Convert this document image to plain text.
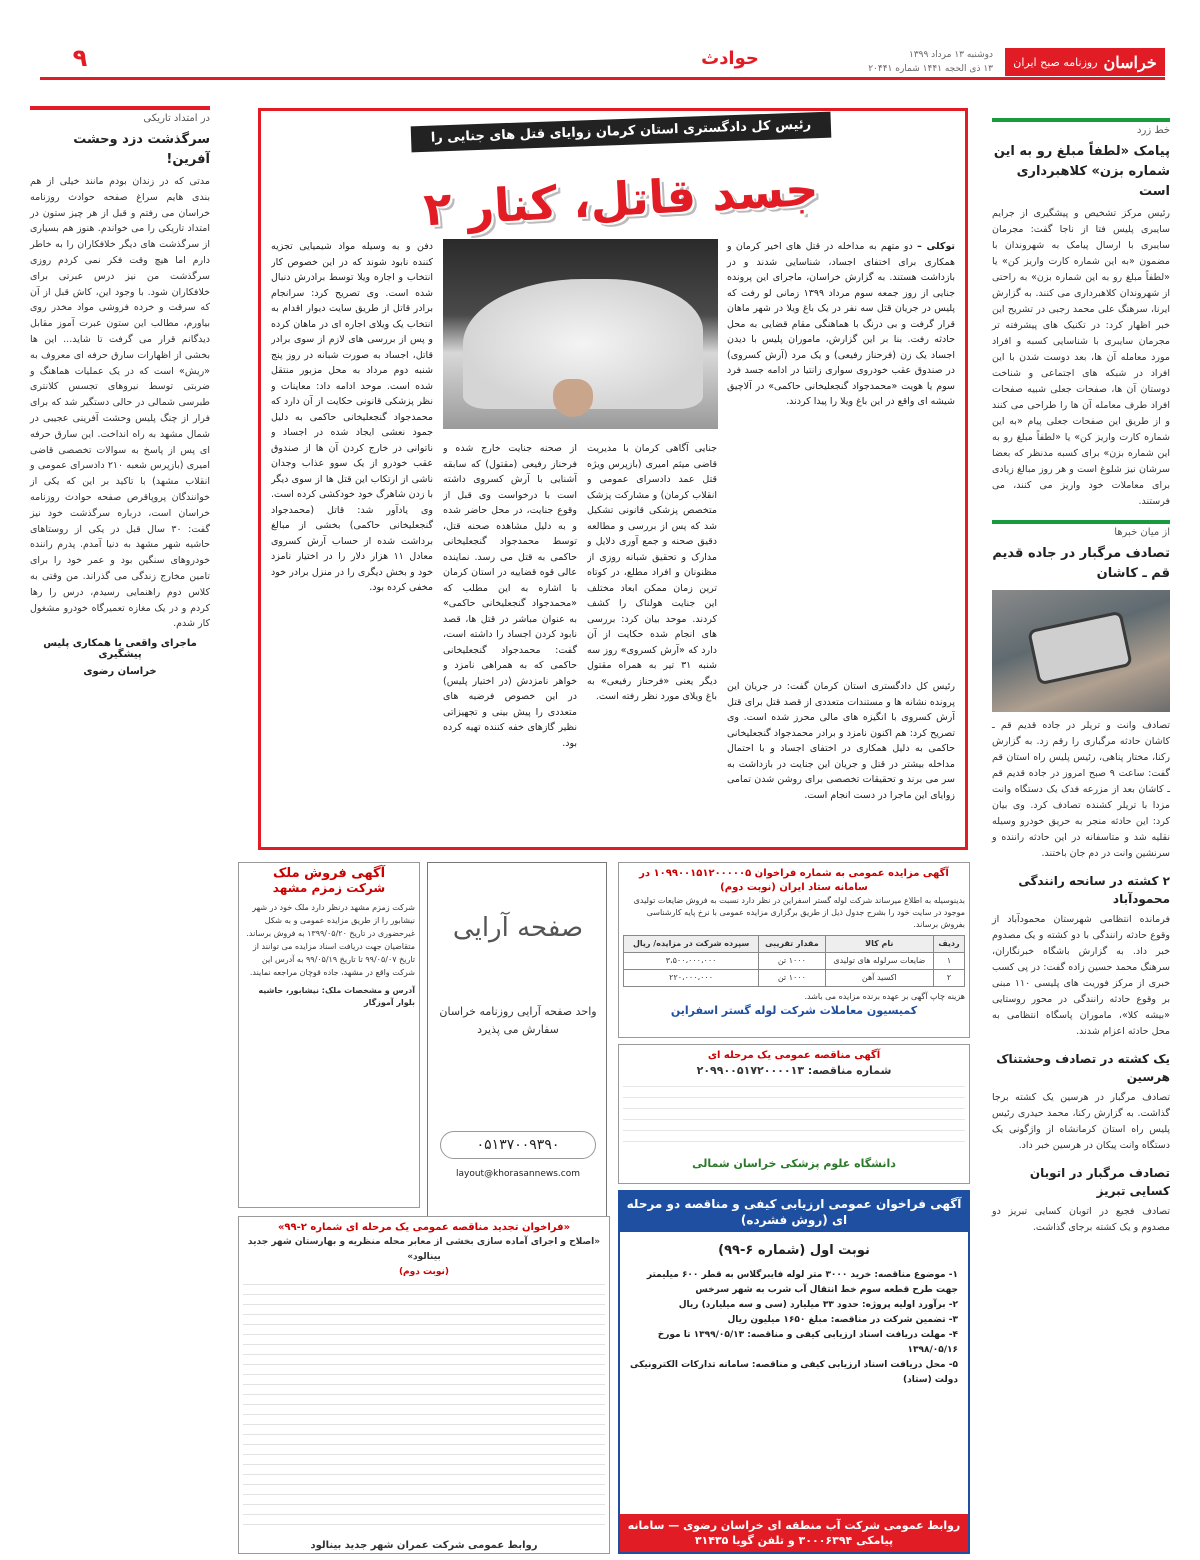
خراسان
روزنامه صبح ایران
دوشنبه ۱۳ مرداد ۱۳۹۹
۱۳ ذی الحجه ۱۴۴۱ شماره ۲۰۴۴۱
حوادث
۹
خط زرد
پیامک «لطفاً مبلغ رو به این شماره بزن» کلاهبرداری است
رئیس مرکز تشخیص و پیشگیری از جرایم سایبری پلیس فتا از ناجا گفت: مجرمان سایبری با ارسال پیامک به شهروندان با مضمون «به این شماره کارت واریز کن» یا «لطفاً مبلغ رو به این شماره بزن» به راحتی از شهروندان کلاهبرداری می کنند. به گزارش ایرنا، سرهنگ علی محمد رجبی در تشریح این خبر اظهار کرد: در تکنیک های پیشرفته تر مجرمان سایبری با شناسایی کسبه و افراد مورد معامله آن ها، بعد دوست شدن با این افراد در شبکه های اجتماعی و شناخت دوستان آن ها، صفحات جعلی شبیه صفحات افراد طرف معامله آن ها را طراحی می کنند و از طریق این صفحات جعلی پیام «به این شماره کارت واریز کن» یا «لطفاً مبلغ رو به این شماره بزن» برای کسبه مدنظر که بعضا سرشان نیز شلوغ است و هر روز مبالغ زیادی برای معاملات خود واریز می کنند، می فرستند.
از میان خبرها
تصادف مرگبار در جاده قدیم قم ـ کاشان
تصادف وانت و تریلر در جاده قدیم قم ـ کاشان حادثه مرگباری را رقم زد. به گزارش رکنا، مختار پناهی، رئیس پلیس راه استان قم گفت: ساعت ۹ صبح امروز در جاده قدیم قم ـ کاشان بعد از مزرعه فدک یک دستگاه وانت مزدا با تریلر کشنده تصادف کرد. وی بیان کرد: این حادثه منجر به حریق خودرو وسیله نقلیه شد و متاسفانه در این حادثه راننده و سرنشین وانت در دم جان باختند.
۲ کشته در سانحه رانندگی محمودآباد
فرمانده انتظامی شهرستان محمودآباد از وقوع حادثه رانندگی با دو کشته و یک مصدوم خبر داد. به گزارش باشگاه خبرنگاران، سرهنگ محمد حسین زاده گفت: در پی کسب خبری از مرکز فوریت های پلیسی ۱۱۰ مبنی بر وقوع حادثه رانندگی در محور روستایی «بیشه کلا»، ماموران پاسگاه انتظامی به محل حادثه اعزام شدند.
یک کشته در تصادف وحشتناک هرسین
تصادف مرگبار در هرسین یک کشته برجا گذاشت. به گزارش رکنا، محمد حیدری رئیس پلیس راه استان کرمانشاه از واژگونی یک دستگاه وانت پیکان در هرسین خبر داد.
تصادف مرگبار در اتوبان کسایی تبریز
تصادف فجیع در اتوبان کسایی تبریز دو مصدوم و یک کشته برجای گذاشت.
در امتداد تاریکی
سرگذشت دزد وحشت آفرین!
مدتی که در زندان بودم مانند خیلی از هم بندی هایم سراغ صفحه حوادث روزنامه خراسان می رفتم و قبل از هر چیز ستون در امتداد تاریکی را می خواندم. هنوز هم بسیاری از سرگذشت های دیگر خلافکاران را به خاطر دارم اما هیچ وقت فکر نمی کردم روزی سرگذشت من نیز درس عبرتی برای خلافکاران شود. با وجود این، کاش قبل از آن که سرقت و خرده فروشی مواد مخدر روی بیاورم، مطالب این ستون عبرت آموز مقابل دیدگانم قرار می گرفت تا شاید... این ها بخشی از اظهارات سارق حرفه ای معروف به «ریش» است که در یک عملیات هماهنگ و ضربتی توسط نیروهای تجسس کلانتری طبرسی شمالی در حالی دستگیر شد که برای فرار از چنگ پلیس وحشت آفرینی عجیبی در شمال مشهد به راه انداخت. این سارق حرفه ای پس از پاسخ به سوالات تخصصی قاضی امیری (بازپرس شعبه ۲۱۰ دادسرای عمومی و انقلاب مشهد) با تاکید بر این که یکی از خوانندگان پروپاقرص صفحه حوادث روزنامه خراسان است، درباره سرگذشت خود نیز گفت: ۳۰ سال قبل در یکی از روستاهای حاشیه شهر مشهد به دنیا آمدم. پدرم راننده خودروهای سنگین بود و عمر خود را برای تامین مخارج زندگی می گذراند. من وقتی به کلاس دوم راهنمایی رسیدم، درس را رها کردم و در یک مغازه تعمیرگاه خودرو مشغول کار شدم.
ماجرای واقعی با همکاری پلیس پیشگیری
خراسان رضوی
رئیس کل دادگستری استان کرمان زوایای قتل های جنایی را تشریح کرد
جسد قاتل، کنار ۲
توکلی – دو متهم به مداخله در قتل های اخیر کرمان و همکاری برای اختفای اجساد، شناسایی شدند و در بازداشت هستند. به گزارش خراسان، ماجرای این پرونده جنایی از روز جمعه سوم مرداد ۱۳۹۹ زمانی لو رفت که پلیس در جریان قتل سه نفر در یک باغ ویلا در شهر ماهان قرار گرفت و بی درنگ با هماهنگی مقام قضایی به محل حادثه رفت. بنا بر این گزارش، ماموران پلیس با دیدن اجساد یک زن (فرحناز رفیعی) و یک مرد (آرش کسروی) در صندوق عقب خودروی سواری زانتیا در ادامه جسد فرد سوم یا هویت «محمدجواد گنجعلیخانی حاکمی» در آلاچیق شیشه ای واقع در این باغ ویلا را پیدا کردند.
دفن و به وسیله مواد شیمیایی تجزیه کننده نابود شوند که در این خصوص کار انتخاب و اجاره ویلا توسط برادرش دنبال شده است. وی تصریح کرد: سرانجام برادر قاتل از طریق سایت دیوار اقدام به انتخاب یک ویلای اجاره ای در ماهان کرده و پس از بررسی های لازم از سوی برادر قاتل، اجساد به صورت شبانه در روز پنج شنبه دوم مرداد به محل مزبور منتقل شده است. موحد ادامه داد: معاینات و نظر پزشکی قانونی حکایت از آن دارد که محمدجواد گنجعلیخانی حاکمی به دلیل جمود نعشی ایجاد شده در اجساد و ناتوانی در خارج کردن آن ها از صندوق عقب خودرو از یک سوو عذاب وجدان ناشی از ارتکاب این قتل ها از سوی دیگر با زدن شاهرگ خود خودکشی کرده است. وی یادآور شد: قاتل (محمدجواد گنجعلیخانی حاکمی) بخشی از مبالغ برداشت شده از حساب آرش کسروی معادل ۱۱ هزار دلار را در اختیار نامزد خود و بخش دیگری را در منزل برادر خود مخفی کرده بود.
جنایی آگاهی کرمان با مدیریت قاضی میثم امیری (بازپرس ویژه قتل عمد دادسرای عمومی و انقلاب کرمان) و مشارکت پزشک متخصص پزشکی قانونی تشکیل شد که پس از بررسی و مطالعه دقیق صحنه و جمع آوری دلایل و مدارک و تحقیق شبانه روزی از مظنونان و افراد مطلع، در کوتاه ترین زمان ممکن ابعاد مختلف این جنایت هولناک را کشف کردند. موحد بیان کرد: بررسی های انجام شده حکایت از آن دارد که «آرش کسروی» روز سه شنبه ۳۱ تیر به همراه مقتول دیگر یعنی «فرحناز رفیعی» به باغ ویلای مورد نظر رفته است.
از صحنه جنایت خارج شده و فرحناز رفیعی (مقتول) که سابقه آشنایی با آرش کسروی داشته است با درخواست وی قبل از وقوع جنایت، در محل حاضر شده و به دلیل مشاهده صحنه قتل، توسط محمدجواد گنجعلیخانی حاکمی به قتل می رسد. نماینده عالی قوه قضاییه در استان کرمان با اشاره به این مطلب که «محمدجواد گنجعلیخانی حاکمی» به عنوان مباشر در قتل ها، قصد نابود کردن اجساد را داشته است، گفت: محمدجواد گنجعلیخانی حاکمی که به همراهی نامزد و خواهر نامزدش (در اختیار پلیس) در این خصوص فرضیه های متعددی را پیش بینی و تجهیزاتی نظیر گازهای خفه کننده تهیه کرده بود.
رئیس کل دادگستری استان کرمان گفت: در جریان این پرونده نشانه ها و مستندات متعددی از قصد قتل برای قتل آرش کسروی با انگیزه های مالی محرز شده است. وی تصریح کرد: هم اکنون نامزد و برادر محمدجواد گنجعلیخانی حاکمی به دلیل همکاری در اختفای اجساد و با احتمال مداخله بیشتر در قتل و جریان این جنایت در بازداشت به سر می برند و تحقیقات تخصصی برای روشن شدن تمامی زوایای این ماجرا در دست انجام است.
آگهی مزایده عمومی به شماره فراخوان ۱۰۹۹۰۰۱۵۱۲۰۰۰۰۰۵ در سامانه ستاد ایران (نوبت دوم)
بدینوسیله به اطلاع میرساند شرکت لوله گستر اسفراین در نظر دارد نسبت به فروش ضایعات تولیدی موجود در سایت خود را بشرح جدول ذیل از طریق برگزاری مزایده عمومی با نرخ پایه کارشناسی بفروش برساند.
ردیف	نام کالا	مقدار تقریبی	سپرده شرکت در مزایده/ ریال
۱	ضایعات سرلوله های تولیدی	۱۰۰۰ تن	۳،۵۰۰،۰۰۰،۰۰۰
۲	اکسید آهن	۱۰۰۰ تن	۲۲۰،۰۰۰،۰۰۰
هزینه چاپ آگهی بر عهده برنده مزایده می باشد.
کمیسیون معاملات شرکت لوله گستر اسفراین
آگهی مناقصه عمومی یک مرحله ای
شماره مناقصه: ۲۰۹۹۰۰۵۱۷۲۰۰۰۰۱۳
دانشگاه علوم پزشکی خراسان شمالی
آگهی فروش ملک
شرکت زمزم مشهد
شرکت زمزم مشهد درنظر دارد ملک خود در شهر نیشابور را از طریق مزایده عمومی و به شکل غیرحضوری در تاریخ ۱۳۹۹/۰۵/۲۰ به فروش برساند. متقاضیان جهت دریافت اسناد مزایده می توانند از تاریخ ۹۹/۰۵/۰۷ تا تاریخ ۹۹/۰۵/۱۹ به آدرس این شرکت واقع در مشهد، جاده قوچان مراجعه نمایند.
آدرس و مشخصات ملک: نیشابور، حاشیه بلوار آموزگار
صفحه آرایی
واحد صفحه آرایی روزنامه خراسان سفارش می پذیرد
۰۵۱۳۷۰۰۹۳۹۰
layout@khorasannews.com
«فراخوان تجدید مناقصه عمومی یک مرحله ای شماره ۲-۹۹»
«اصلاح و اجرای آماده سازی بخشی از معابر محله منظریه و بهارستان شهر جدید بینالود»
(نوبت دوم)
روابط عمومی شرکت عمران شهر جدید بینالود
آگهی فراخوان عمومی ارزیابی کیفی و مناقصه دو مرحله ای (روش فشرده)
نوبت اول (شماره ۶-۹۹)
۱- موضوع مناقصه: خرید ۳۰۰۰ متر لوله فایبرگلاس به قطر ۶۰۰ میلیمتر جهت طرح قطعه سوم خط انتقال آب شرب به شهر سرخس
۲- برآورد اولیه پروژه: حدود ۳۳ میلیارد (سی و سه میلیارد) ریال
۳- تضمین شرکت در مناقصه: مبلغ ۱۶۵۰ میلیون ریال
۴- مهلت دریافت اسناد ارزیابی کیفی و مناقصه: ۱۳۹۹/۰۵/۱۳ تا مورخ ۱۳۹۸/۰۵/۱۶
۵- محل دریافت اسناد ارزیابی کیفی و مناقصه: سامانه تدارکات الکترونیکی دولت (ستاد)
روابط عمومی شرکت آب منطقه ای خراسان رضوی — سامانه پیامکی ۳۰۰۰۶۳۹۴ و تلفن گویا ۳۱۴۳۵
